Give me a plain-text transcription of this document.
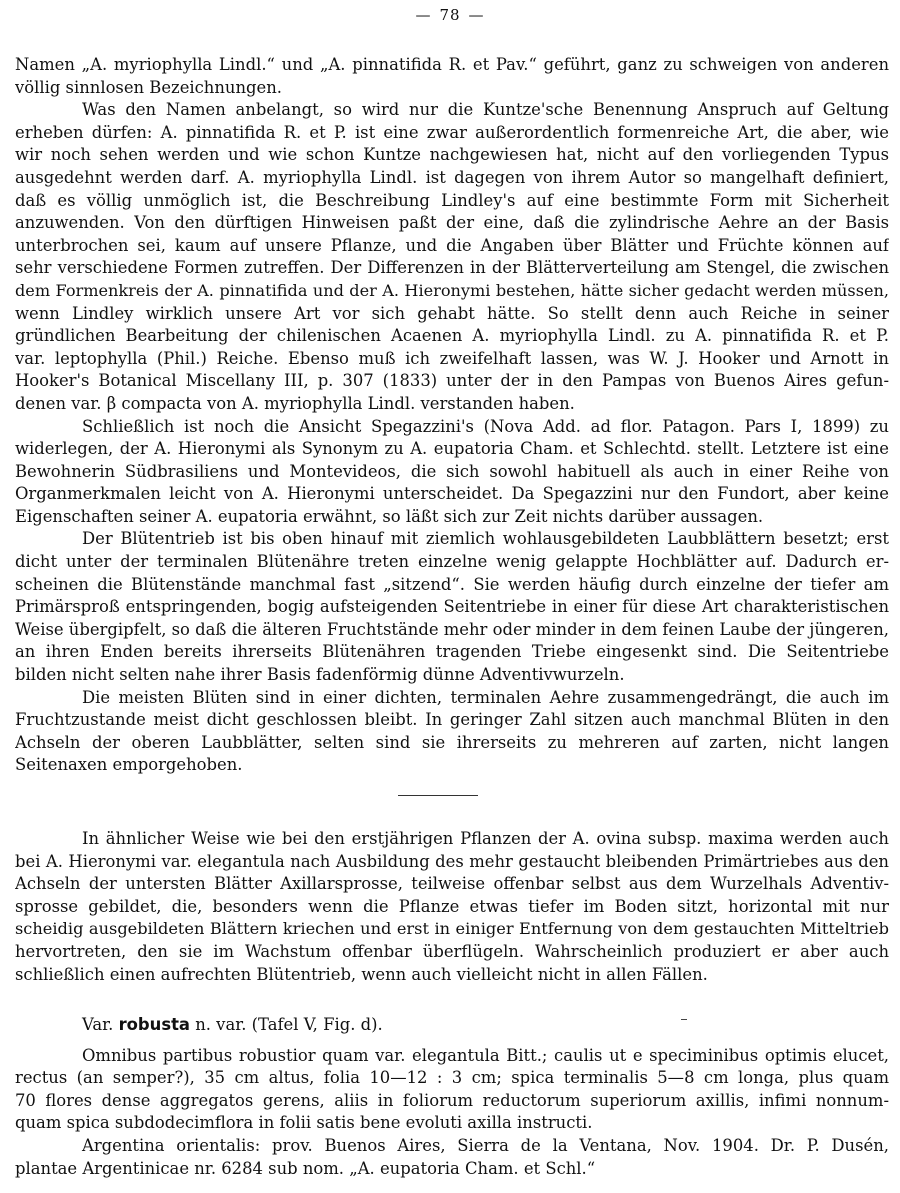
— 78 —
Namen „A. myriophylla Lindl.“ und „A. pinnatifida R. et Pav.“ geführt, ganz zu schweigen von anderen
völlig sinnlosen Bezeichnungen.
Was den Namen anbelangt, so wird nur die Kuntze'sche Benennung Anspruch auf Geltung
erheben dürfen: A. pinnatifida R. et P. ist eine zwar außerordentlich formenreiche Art, die aber, wie
wir noch sehen werden und wie schon Kuntze nachgewiesen hat, nicht auf den vorliegenden Typus
ausgedehnt werden darf. A. myriophylla Lindl. ist dagegen von ihrem Autor so mangelhaft definiert,
daß es völlig unmöglich ist, die Beschreibung Lindley's auf eine bestimmte Form mit Sicherheit
anzuwenden. Von den dürftigen Hinweisen paßt der eine, daß die zylindrische Aehre an der Basis
unterbrochen sei, kaum auf unsere Pflanze, und die Angaben über Blätter und Früchte können auf
sehr verschiedene Formen zutreffen. Der Differenzen in der Blätterverteilung am Stengel, die zwischen
dem Formenkreis der A. pinnatifida und der A. Hieronymi bestehen, hätte sicher gedacht werden müssen,
wenn Lindley wirklich unsere Art vor sich gehabt hätte. So stellt denn auch Reiche in seiner
gründlichen Bearbeitung der chilenischen Acaenen A. myriophylla Lindl. zu A. pinnatifida R. et P.
var. leptophylla (Phil.) Reiche. Ebenso muß ich zweifelhaft lassen, was W. J. Hooker und Arnott in
Hooker's Botanical Miscellany III, p. 307 (1833) unter der in den Pampas von Buenos Aires gefun-
denen var. β compacta von A. myriophylla Lindl. verstanden haben.
Schließlich ist noch die Ansicht Spegazzini's (Nova Add. ad flor. Patagon. Pars I, 1899) zu
widerlegen, der A. Hieronymi als Synonym zu A. eupatoria Cham. et Schlechtd. stellt. Letztere ist eine
Bewohnerin Südbrasiliens und Montevideos, die sich sowohl habituell als auch in einer Reihe von
Organmerkmalen leicht von A. Hieronymi unterscheidet. Da Spegazzini nur den Fundort, aber keine
Eigenschaften seiner A. eupatoria erwähnt, so läßt sich zur Zeit nichts darüber aussagen.
Der Blütentrieb ist bis oben hinauf mit ziemlich wohlausgebildeten Laubblättern besetzt; erst
dicht unter der terminalen Blütenähre treten einzelne wenig gelappte Hochblätter auf. Dadurch er-
scheinen die Blütenstände manchmal fast „sitzend“. Sie werden häufig durch einzelne der tiefer am
Primärsproß entspringenden, bogig aufsteigenden Seitentriebe in einer für diese Art charakteristischen
Weise übergipfelt, so daß die älteren Fruchtstände mehr oder minder in dem feinen Laube der jüngeren,
an ihren Enden bereits ihrerseits Blütenähren tragenden Triebe eingesenkt sind. Die Seitentriebe
bilden nicht selten nahe ihrer Basis fadenförmig dünne Adventivwurzeln.
Die meisten Blüten sind in einer dichten, terminalen Aehre zusammengedrängt, die auch im
Fruchtzustande meist dicht geschlossen bleibt. In geringer Zahl sitzen auch manchmal Blüten in den
Achseln der oberen Laubblätter, selten sind sie ihrerseits zu mehreren auf zarten, nicht langen
Seitenaxen emporgehoben.
In ähnlicher Weise wie bei den erstjährigen Pflanzen der A. ovina subsp. maxima werden auch
bei A. Hieronymi var. elegantula nach Ausbildung des mehr gestaucht bleibenden Primärtriebes aus den
Achseln der untersten Blätter Axillarsprosse, teilweise offenbar selbst aus dem Wurzelhals Adventiv-
sprosse gebildet, die, besonders wenn die Pflanze etwas tiefer im Boden sitzt, horizontal mit nur
scheidig ausgebildeten Blättern kriechen und erst in einiger Entfernung von dem gestauchten Mitteltrieb
hervortreten, den sie im Wachstum offenbar überflügeln. Wahrscheinlich produziert er aber auch
schließlich einen aufrechten Blütentrieb, wenn auch vielleicht nicht in allen Fällen.
Var. robusta n. var. (Tafel V, Fig. d).
Omnibus partibus robustior quam var. elegantula Bitt.; caulis ut e speciminibus optimis elucet,
rectus (an semper?), 35 cm altus, folia 10—12 : 3 cm; spica terminalis 5—8 cm longa, plus quam
70 flores dense aggregatos gerens, aliis in foliorum reductorum superiorum axillis, infimi nonnum-
quam spica subdodecimflora in folii satis bene evoluti axilla instructi.
Argentina orientalis: prov. Buenos Aires, Sierra de la Ventana, Nov. 1904. Dr. P. Dusén,
plantae Argentinicae nr. 6284 sub nom. „A. eupatoria Cham. et Schl.“
